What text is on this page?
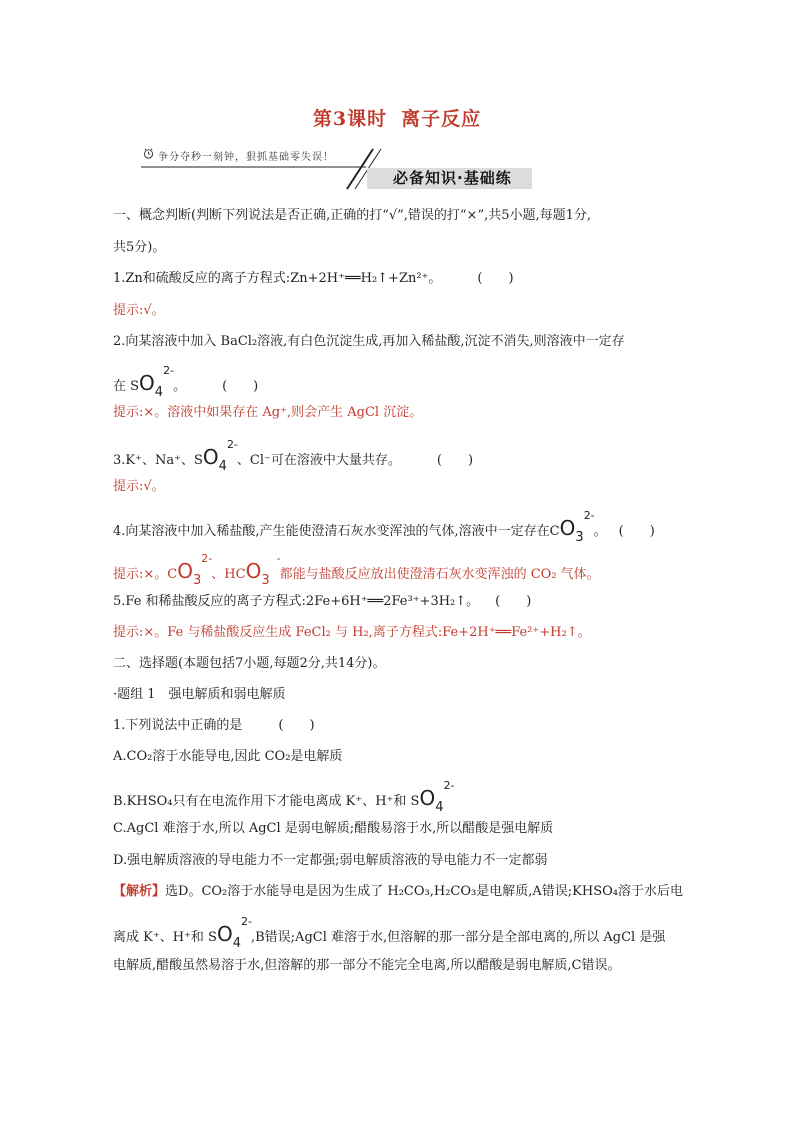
第3课时 离子反应
争分夺秒一刻钟，狠抓基础零失误！
必备知识·基础练
一、概念判断(判断下列说法是否正确,正确的打“√”,错误的打“×”,共5小题,每题1分,
共5分)。
1.Zn和硫酸反应的离子方程式:Zn+2H⁺══H₂↑+Zn²⁺。	(　　)
提示:√。
2.向某溶液中加入 BaCl₂溶液,有白色沉淀生成,再加入稀盐酸,沉淀不消失,则溶液中一定存
在 SO4
2-
。	(　　)
提示:×。溶液中如果存在 Ag⁺,则会产生 AgCl 沉淀。
3.K⁺、Na⁺、SO4
2-
、Cl⁻可在溶液中大量共存。	(　　)
提示:√。
4.向某溶液中加入稀盐酸,产生能使澄清石灰水变浑浊的气体,溶液中一定存在CO3
2-
。 (　　)
提示:×。CO3
2-
、HCO3
-
都能与盐酸反应放出使澄清石灰水变浑浊的 CO₂ 气体。
5.Fe 和稀盐酸反应的离子方程式:2Fe+6H⁺══2Fe³⁺+3H₂↑。 (　　)
提示:×。Fe 与稀盐酸反应生成 FeCl₂ 与 H₂,离子方程式:Fe+2H⁺══Fe²⁺+H₂↑。
二、选择题(本题包括7小题,每题2分,共14分)。
·题组 1　强电解质和弱电解质
1.下列说法中正确的是	(　　)
A.CO₂溶于水能导电,因此 CO₂是电解质
B.KHSO₄只有在电流作用下才能电离成 K⁺、H⁺和 SO4
2-
C.AgCl 难溶于水,所以 AgCl 是弱电解质;醋酸易溶于水,所以醋酸是强电解质
D.强电解质溶液的导电能力不一定都强;弱电解质溶液的导电能力不一定都弱
【解析】选D。CO₂溶于水能导电是因为生成了 H₂CO₃,H₂CO₃是电解质,A错误;KHSO₄溶于水后电
离成 K⁺、H⁺和 SO4
2-
,B错误;AgCl 难溶于水,但溶解的那一部分是全部电离的,所以 AgCl 是强
电解质,醋酸虽然易溶于水,但溶解的那一部分不能完全电离,所以醋酸是弱电解质,C错误。
